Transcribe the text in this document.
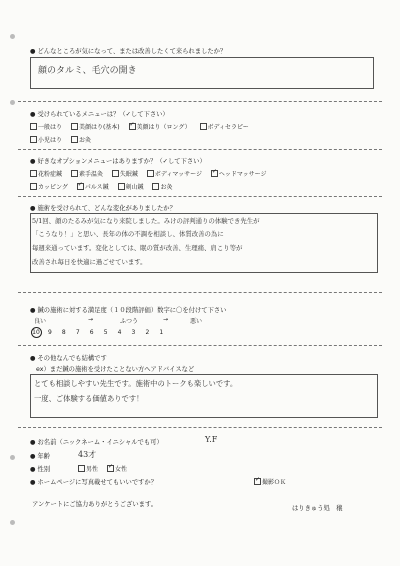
● どんなところが気になって、または改善したくて来られましたか？
顔のタルミ、毛穴の開き
● 受けられているメニューは？（✓して下さい）
一般はり	美顔はり(基本) ✓	美顔はり（ロング）	ボディセラピー
小児はり	お灸
● 好きなオプションメニューはありますか？（✓して下さい）
花粉症鍼	素手温灸	失眠鍼	ボディマッサージ ✓	ヘッドマッサージ
カッピング ✓	パルス鍼	剣山鍼	お灸
● 施術を受けられて、どんな変化がありましたか？
5/1回、顔のたるみが気になり来院しました。みけの評判通りの体験でき先生が
「こうなり！」と思い、長年の体の不調を相談し、体質改善の為に
毎週来通っています。変化としては、眠の質が改善、生理痛、肩こり等が
改善され毎日を快適に過ごせています。
● 鍼の施術に対する満足度（１０段階評価）数字に〇を付けて下さい
良い	→	ふつう	→	悪い
10 9 8 7 6 5 4 3 2 1
● その他なんでも結構です
ex）まだ鍼の施術を受けたことない方へアドバイスなど
とても相談しやすい先生です。施術中のトークも楽しいです。
一度、ご体験する価値ありです！
● お名前（ニックネーム・イニシャルでも可）	Y.F
● 年齢	43才
● 性別	男性 ✓	女性
● ホームページに写真載せてもいいですか？ ✓	撮影ＯＫ
アンケートにご協力ありがとうございます。
はりきゅう処　穣
